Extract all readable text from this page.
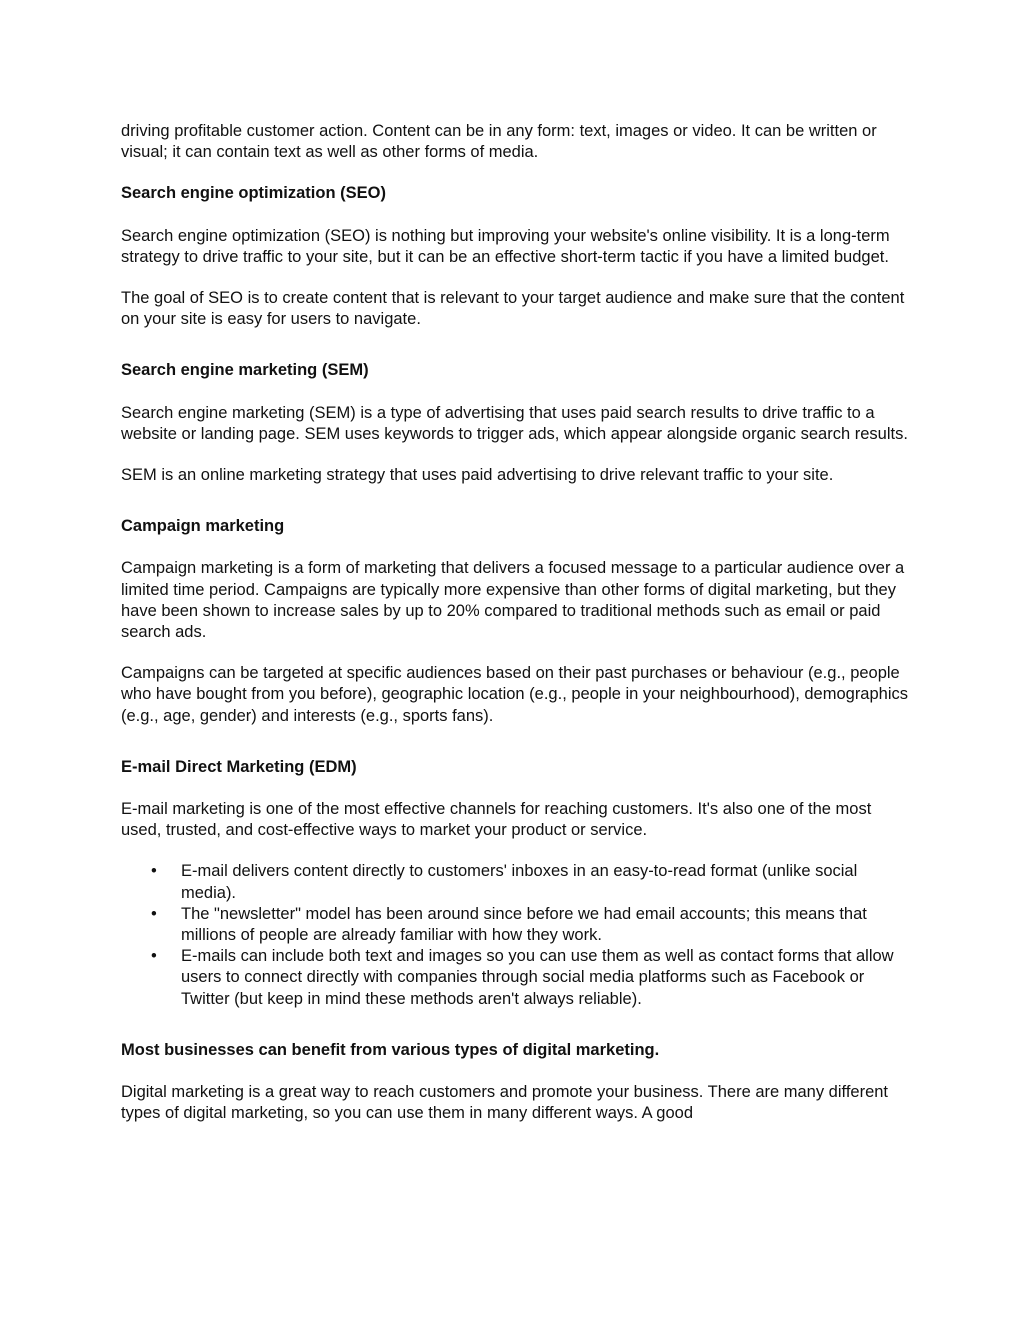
driving profitable customer action. Content can be in any form: text, images or video. It can be written or visual; it can contain text as well as other forms of media.

Search engine optimization (SEO)

Search engine optimization (SEO) is nothing but improving your website's online visibility. It is a long-term strategy to drive traffic to your site, but it can be an effective short-term tactic if you have a limited budget.

The goal of SEO is to create content that is relevant to your target audience and make sure that the content on your site is easy for users to navigate.

Search engine marketing (SEM)

Search engine marketing (SEM) is a type of advertising that uses paid search results to drive traffic to a website or landing page. SEM uses keywords to trigger ads, which appear alongside organic search results.

SEM is an online marketing strategy that uses paid advertising to drive relevant traffic to your site.

Campaign marketing

Campaign marketing is a form of marketing that delivers a focused message to a particular audience over a limited time period. Campaigns are typically more expensive than other forms of digital marketing, but they have been shown to increase sales by up to 20% compared to traditional methods such as email or paid search ads.

Campaigns can be targeted at specific audiences based on their past purchases or behaviour (e.g., people who have bought from you before), geographic location (e.g., people in your neighbourhood), demographics (e.g., age, gender) and interests (e.g., sports fans).

E-mail Direct Marketing (EDM)

E-mail marketing is one of the most effective channels for reaching customers. It's also one of the most used, trusted, and cost-effective ways to market your product or service.

• E-mail delivers content directly to customers' inboxes in an easy-to-read format (unlike social media).
• The "newsletter" model has been around since before we had email accounts; this means that millions of people are already familiar with how they work.
• E-mails can include both text and images so you can use them as well as contact forms that allow users to connect directly with companies through social media platforms such as Facebook or Twitter (but keep in mind these methods aren't always reliable).

Most businesses can benefit from various types of digital marketing.

Digital marketing is a great way to reach customers and promote your business. There are many different types of digital marketing, so you can use them in many different ways. A good
